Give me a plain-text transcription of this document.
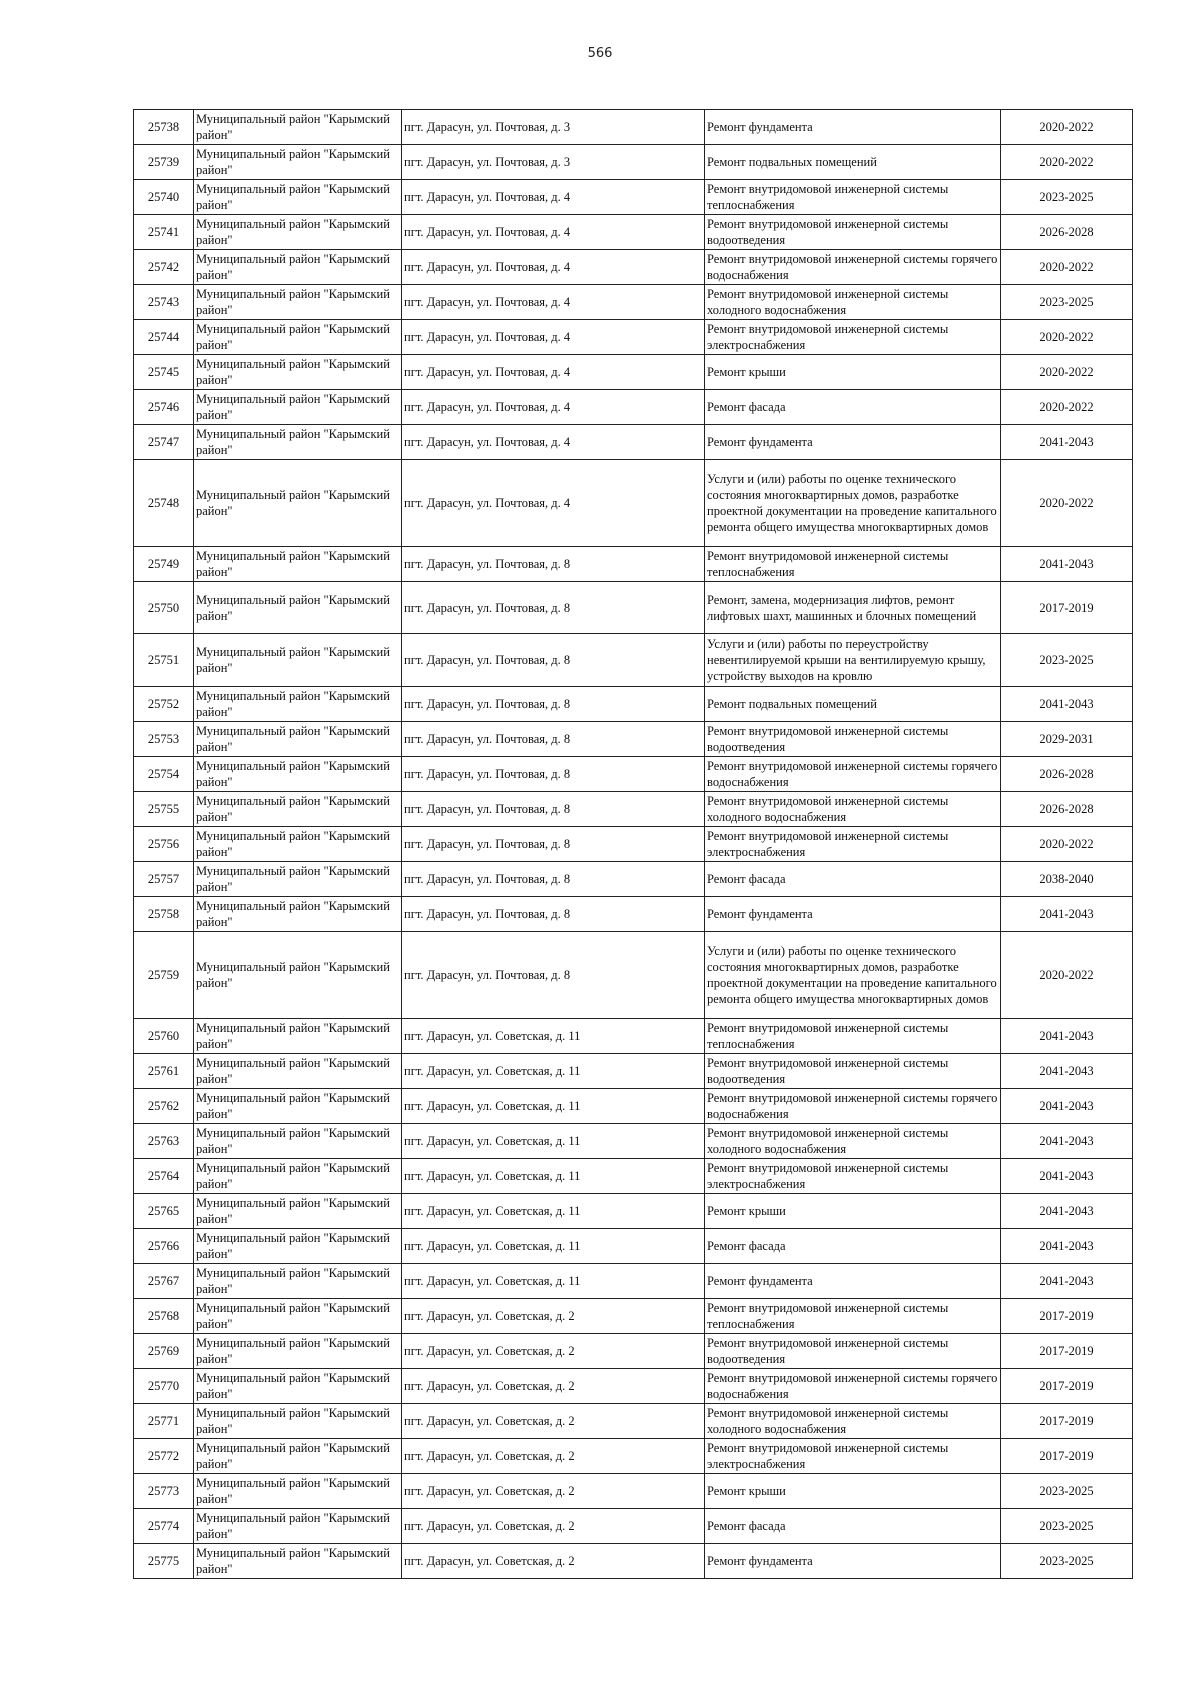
566
25738	Муниципальный район "Карымский район"	пгт. Дарасун, ул. Почтовая, д. 3	Ремонт фундамента	2020-2022
25739	Муниципальный район "Карымский район"	пгт. Дарасун, ул. Почтовая, д. 3	Ремонт подвальных помещений	2020-2022
25740	Муниципальный район "Карымский район"	пгт. Дарасун, ул. Почтовая, д. 4	Ремонт внутридомовой инженерной системы теплоснабжения	2023-2025
25741	Муниципальный район "Карымский район"	пгт. Дарасун, ул. Почтовая, д. 4	Ремонт внутридомовой инженерной системы водоотведения	2026-2028
25742	Муниципальный район "Карымский район"	пгт. Дарасун, ул. Почтовая, д. 4	Ремонт внутридомовой инженерной системы горячего водоснабжения	2020-2022
25743	Муниципальный район "Карымский район"	пгт. Дарасун, ул. Почтовая, д. 4	Ремонт внутридомовой инженерной системы холодного водоснабжения	2023-2025
25744	Муниципальный район "Карымский район"	пгт. Дарасун, ул. Почтовая, д. 4	Ремонт внутридомовой инженерной системы электроснабжения	2020-2022
25745	Муниципальный район "Карымский район"	пгт. Дарасун, ул. Почтовая, д. 4	Ремонт крыши	2020-2022
25746	Муниципальный район "Карымский район"	пгт. Дарасун, ул. Почтовая, д. 4	Ремонт фасада	2020-2022
25747	Муниципальный район "Карымский район"	пгт. Дарасун, ул. Почтовая, д. 4	Ремонт фундамента	2041-2043
25748	Муниципальный район "Карымский район"	пгт. Дарасун, ул. Почтовая, д. 4	Услуги и (или) работы по оценке технического состояния многоквартирных домов, разработке проектной документации на проведение капитального ремонта общего имущества многоквартирных домов	2020-2022
25749	Муниципальный район "Карымский район"	пгт. Дарасун, ул. Почтовая, д. 8	Ремонт внутридомовой инженерной системы теплоснабжения	2041-2043
25750	Муниципальный район "Карымский район"	пгт. Дарасун, ул. Почтовая, д. 8	Ремонт, замена, модернизация лифтов, ремонт лифтовых шахт, машинных и блочных помещений	2017-2019
25751	Муниципальный район "Карымский район"	пгт. Дарасун, ул. Почтовая, д. 8	Услуги и (или) работы по переустройству невентилируемой крыши на вентилируемую крышу, устройству выходов на кровлю	2023-2025
25752	Муниципальный район "Карымский район"	пгт. Дарасун, ул. Почтовая, д. 8	Ремонт подвальных помещений	2041-2043
25753	Муниципальный район "Карымский район"	пгт. Дарасун, ул. Почтовая, д. 8	Ремонт внутридомовой инженерной системы водоотведения	2029-2031
25754	Муниципальный район "Карымский район"	пгт. Дарасун, ул. Почтовая, д. 8	Ремонт внутридомовой инженерной системы горячего водоснабжения	2026-2028
25755	Муниципальный район "Карымский район"	пгт. Дарасун, ул. Почтовая, д. 8	Ремонт внутридомовой инженерной системы холодного водоснабжения	2026-2028
25756	Муниципальный район "Карымский район"	пгт. Дарасун, ул. Почтовая, д. 8	Ремонт внутридомовой инженерной системы электроснабжения	2020-2022
25757	Муниципальный район "Карымский район"	пгт. Дарасун, ул. Почтовая, д. 8	Ремонт фасада	2038-2040
25758	Муниципальный район "Карымский район"	пгт. Дарасун, ул. Почтовая, д. 8	Ремонт фундамента	2041-2043
25759	Муниципальный район "Карымский район"	пгт. Дарасун, ул. Почтовая, д. 8	Услуги и (или) работы по оценке технического состояния многоквартирных домов, разработке проектной документации на проведение капитального ремонта общего имущества многоквартирных домов	2020-2022
25760	Муниципальный район "Карымский район"	пгт. Дарасун, ул. Советская, д. 11	Ремонт внутридомовой инженерной системы теплоснабжения	2041-2043
25761	Муниципальный район "Карымский район"	пгт. Дарасун, ул. Советская, д. 11	Ремонт внутридомовой инженерной системы водоотведения	2041-2043
25762	Муниципальный район "Карымский район"	пгт. Дарасун, ул. Советская, д. 11	Ремонт внутридомовой инженерной системы горячего водоснабжения	2041-2043
25763	Муниципальный район "Карымский район"	пгт. Дарасун, ул. Советская, д. 11	Ремонт внутридомовой инженерной системы холодного водоснабжения	2041-2043
25764	Муниципальный район "Карымский район"	пгт. Дарасун, ул. Советская, д. 11	Ремонт внутридомовой инженерной системы электроснабжения	2041-2043
25765	Муниципальный район "Карымский район"	пгт. Дарасун, ул. Советская, д. 11	Ремонт крыши	2041-2043
25766	Муниципальный район "Карымский район"	пгт. Дарасун, ул. Советская, д. 11	Ремонт фасада	2041-2043
25767	Муниципальный район "Карымский район"	пгт. Дарасун, ул. Советская, д. 11	Ремонт фундамента	2041-2043
25768	Муниципальный район "Карымский район"	пгт. Дарасун, ул. Советская, д. 2	Ремонт внутридомовой инженерной системы теплоснабжения	2017-2019
25769	Муниципальный район "Карымский район"	пгт. Дарасун, ул. Советская, д. 2	Ремонт внутридомовой инженерной системы водоотведения	2017-2019
25770	Муниципальный район "Карымский район"	пгт. Дарасун, ул. Советская, д. 2	Ремонт внутридомовой инженерной системы горячего водоснабжения	2017-2019
25771	Муниципальный район "Карымский район"	пгт. Дарасун, ул. Советская, д. 2	Ремонт внутридомовой инженерной системы холодного водоснабжения	2017-2019
25772	Муниципальный район "Карымский район"	пгт. Дарасун, ул. Советская, д. 2	Ремонт внутридомовой инженерной системы электроснабжения	2017-2019
25773	Муниципальный район "Карымский район"	пгт. Дарасун, ул. Советская, д. 2	Ремонт крыши	2023-2025
25774	Муниципальный район "Карымский район"	пгт. Дарасун, ул. Советская, д. 2	Ремонт фасада	2023-2025
25775	Муниципальный район "Карымский район"	пгт. Дарасун, ул. Советская, д. 2	Ремонт фундамента	2023-2025
